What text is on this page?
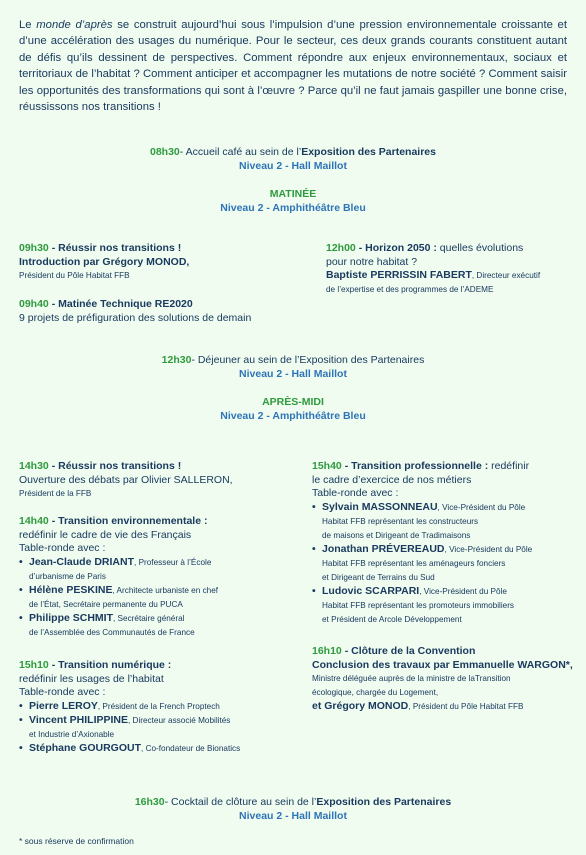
Le monde d’après se construit aujourd’hui sous l’impulsion d’une pression environnementale croissante et d’une accélération des usages du numérique. Pour le secteur, ces deux grands courants constituent autant de défis qu’ils dessinent de perspectives. Comment répondre aux enjeux environnementaux, sociaux et territoriaux de l’habitat ? Comment anticiper et accompagner les mutations de notre société ? Comment saisir les opportunités des transformations qui sont à l’œuvre ? Parce qu’il ne faut jamais gaspiller une bonne crise, réussissons nos transitions !
08h30- Accueil café au sein de l’Exposition des Partenaires
Niveau 2 - Hall Maillot
MATINÉE
Niveau 2 - Amphithéâtre Bleu
09h30 - Réussir nos transitions !
Introduction par Grégory MONOD,
Président du Pôle Habitat FFB
09h40 - Matinée Technique RE2020
9 projets de préfiguration des solutions de demain
12h00 - Horizon 2050 : quelles évolutions
pour notre habitat ?
Baptiste PERRISSIN FABERT, Directeur exécutif
de l’expertise et des programmes de l’ADEME
12h30- Déjeuner au sein de l’Exposition des Partenaires
Niveau 2 - Hall Maillot
APRÈS-MIDI
Niveau 2 - Amphithéâtre Bleu
14h30 - Réussir nos transitions !
Ouverture des débats par Olivier SALLERON,
Président de la FFB
14h40 - Transition environnementale :
redéfinir le cadre de vie des Français
Table-ronde avec :
• Jean-Claude DRIANT, Professeur à l’École
d’urbanisme de Paris
• Hélène PESKINE, Architecte urbaniste en chef
de l’État, Secrétaire permanente du PUCA
• Philippe SCHMIT, Secrétaire général
de l’Assemblée des Communautés de France
15h10 - Transition numérique :
redéfinir les usages de l’habitat
Table-ronde avec :
• Pierre LEROY, Président de la French Proptech
• Vincent PHILIPPINE, Directeur associé Mobilités
et Industrie d’Axionable
• Stéphane GOURGOUT, Co-fondateur de Bionatics
15h40 - Transition professionnelle : redéfinir
le cadre d’exercice de nos métiers
Table-ronde avec :
• Sylvain MASSONNEAU, Vice-Président du Pôle
Habitat FFB représentant les constructeurs
de maisons et Dirigeant de Tradimaisons
• Jonathan PRÉVEREAUD, Vice-Président du Pôle
Habitat FFB représentant les aménageurs fonciers
et Dirigeant de Terrains du Sud
• Ludovic SCARPARI, Vice-Président du Pôle
Habitat FFB représentant les promoteurs immobiliers
et Président de Arcole Développement
16h10 - Clôture de la Convention
Conclusion des travaux par Emmanuelle WARGON*,
Ministre déléguée auprès de la ministre de laTransition
écologique, chargée du Logement,
et Grégory MONOD, Président du Pôle Habitat FFB
16h30- Cocktail de clôture au sein de l’Exposition des Partenaires
Niveau 2 - Hall Maillot
* sous réserve de confirmation
